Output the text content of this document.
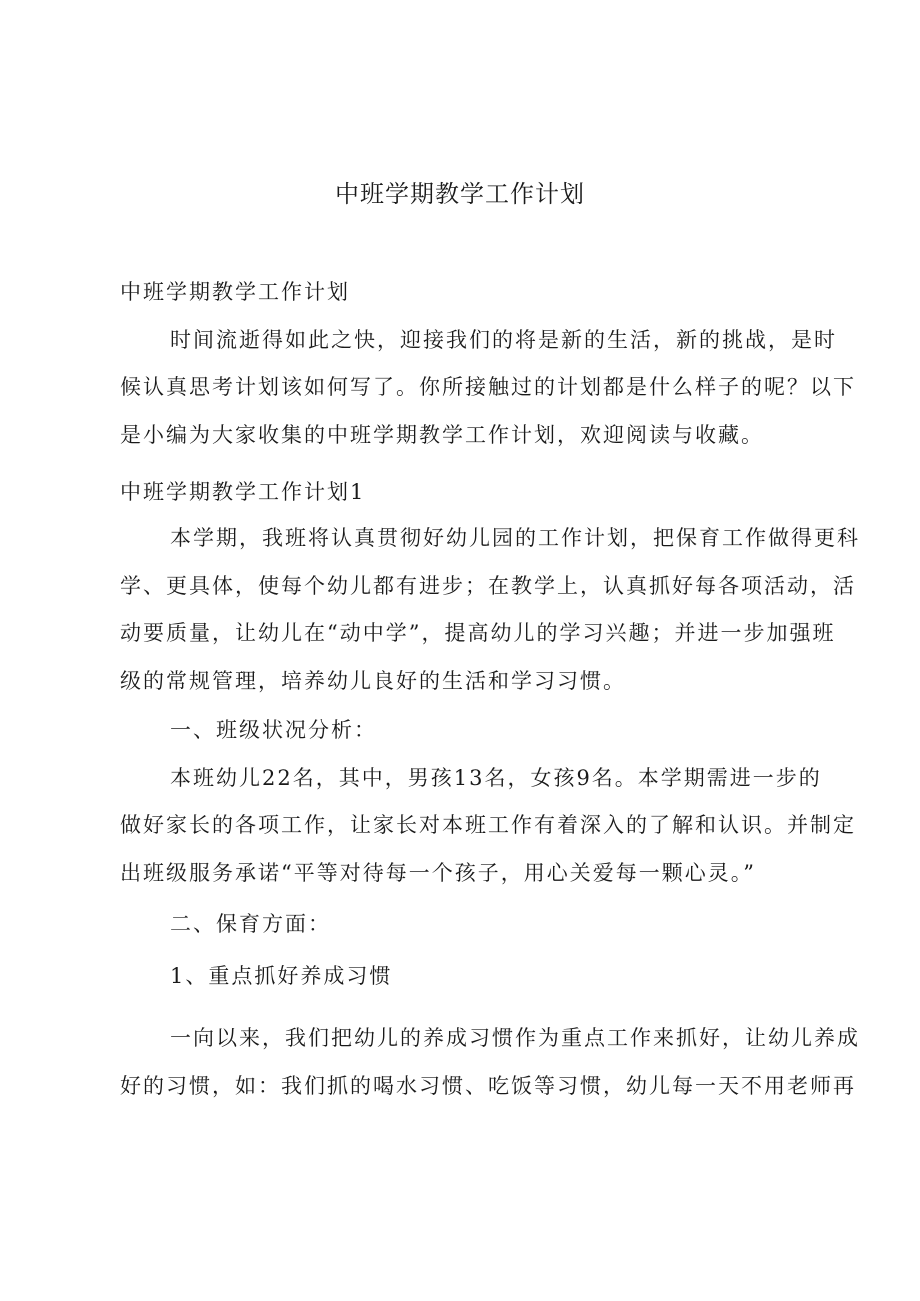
中班学期教学工作计划

中班学期教学工作计划

时间流逝得如此之快，迎接我们的将是新的生活，新的挑战，是时

候认真思考计划该如何写了。你所接触过的计划都是什么样子的呢？以下

是小编为大家收集的中班学期教学工作计划，欢迎阅读与收藏。

中班学期教学工作计划1

本学期，我班将认真贯彻好幼儿园的工作计划，把保育工作做得更科

学、更具体，使每个幼儿都有进步；在教学上，认真抓好每各项活动，活

动要质量，让幼儿在“动中学”，提高幼儿的学习兴趣；并进一步加强班

级的常规管理，培养幼儿良好的生活和学习习惯。

一、班级状况分析：

本班幼儿22名，其中，男孩13名，女孩9名。本学期需进一步的

做好家长的各项工作，让家长对本班工作有着深入的了解和认识。并制定

出班级服务承诺“平等对待每一个孩子，用心关爱每一颗心灵。”

二、保育方面：

1、重点抓好养成习惯

一向以来，我们把幼儿的养成习惯作为重点工作来抓好，让幼儿养成

好的习惯，如：我们抓的喝水习惯、吃饭等习惯，幼儿每一天不用老师再
